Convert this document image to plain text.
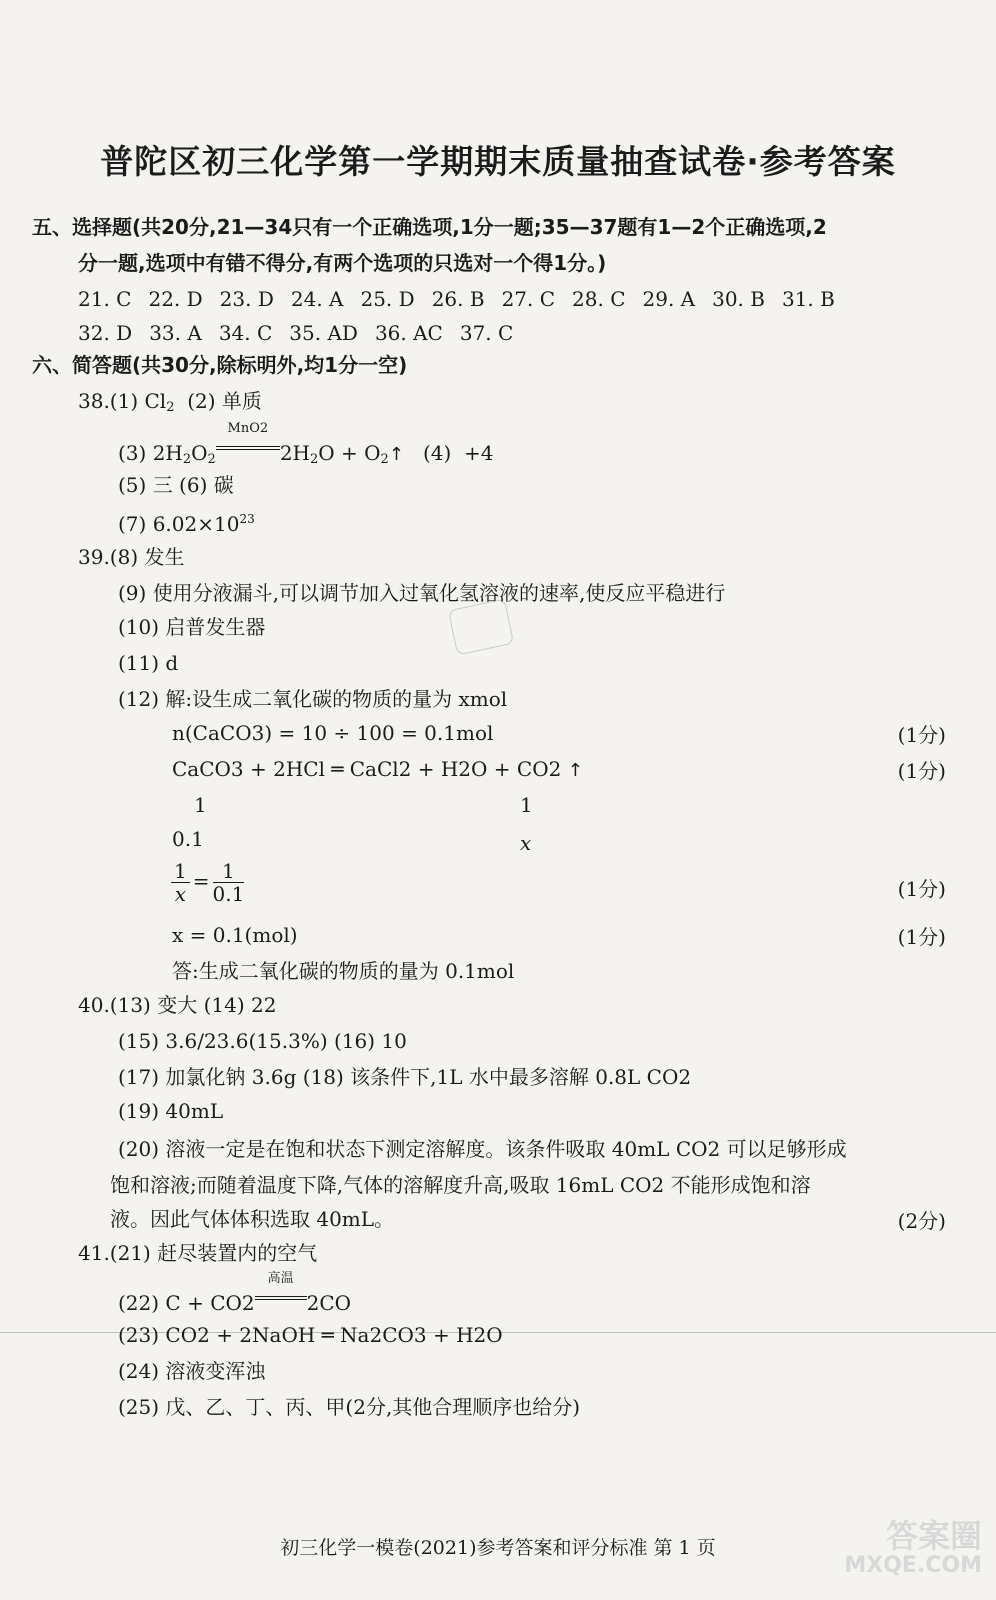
普陀区初三化学第一学期期末质量抽查试卷·参考答案
五、选择题(共20分,21—34只有一个正确选项,1分一题;35—37题有1—2个正确选项,2
分一题,选项中有错不得分,有两个选项的只选对一个得1分。)
21. C 22. D 23. D 24. A 25. D 26. B 27. C 28. C 29. A 30. B 31. B
32. D 33. A 34. C 35. AD 36. AC 37. C
六、简答题(共30分,除标明外,均1分一空)
38.(1) $Cl_2$  (2) 单质
(3) $2H_2O_2$
MnO2
$2H_2O$ + $O_2↑$   (4)  +4
(5) 三 (6) 碳
(7) $6.02\times 10^{23}$
39.(8) 发生
(9) 使用分液漏斗,可以调节加入过氧化氢溶液的速率,使反应平稳进行
(10) 启普发生器
(11) d
(12) 解:设生成二氧化碳的物质的量为 xmol
n(CaCO3) = 10 ÷ 100 = 0.1mol	(1分)
CaCO3 + 2HCl ═ CaCl2 + H2O + CO2 ↑	(1分)
1	1
0.1	x
$\frac{1}{x} = \frac{1}{0.1}$	(1分)
x = 0.1(mol)	(1分)
答:生成二氧化碳的物质的量为 0.1mol
40.(13) 变大 (14) 22
(15) 3.6/23.6(15.3%) (16) 10
(17) 加氯化钠 3.6g (18) 该条件下,1L 水中最多溶解 0.8L CO2
(19) 40mL
(20) 溶液一定是在饱和状态下测定溶解度。该条件吸取 40mL CO2 可以足够形成
饱和溶液;而随着温度下降,气体的溶解度升高,吸取 16mL CO2 不能形成饱和溶
液。因此气体体积选取 40mL。	(2分)
41.(21) 赶尽装置内的空气
(22) C + CO2
高温
2CO
(23) CO2 + 2NaOH ═ Na2CO3 + H2O
(24) 溶液变浑浊
(25) 戊、乙、丁、丙、甲(2分,其他合理顺序也给分)
初三化学一模卷(2021)参考答案和评分标准 第 1 页	答案圈
MXQE.COM
